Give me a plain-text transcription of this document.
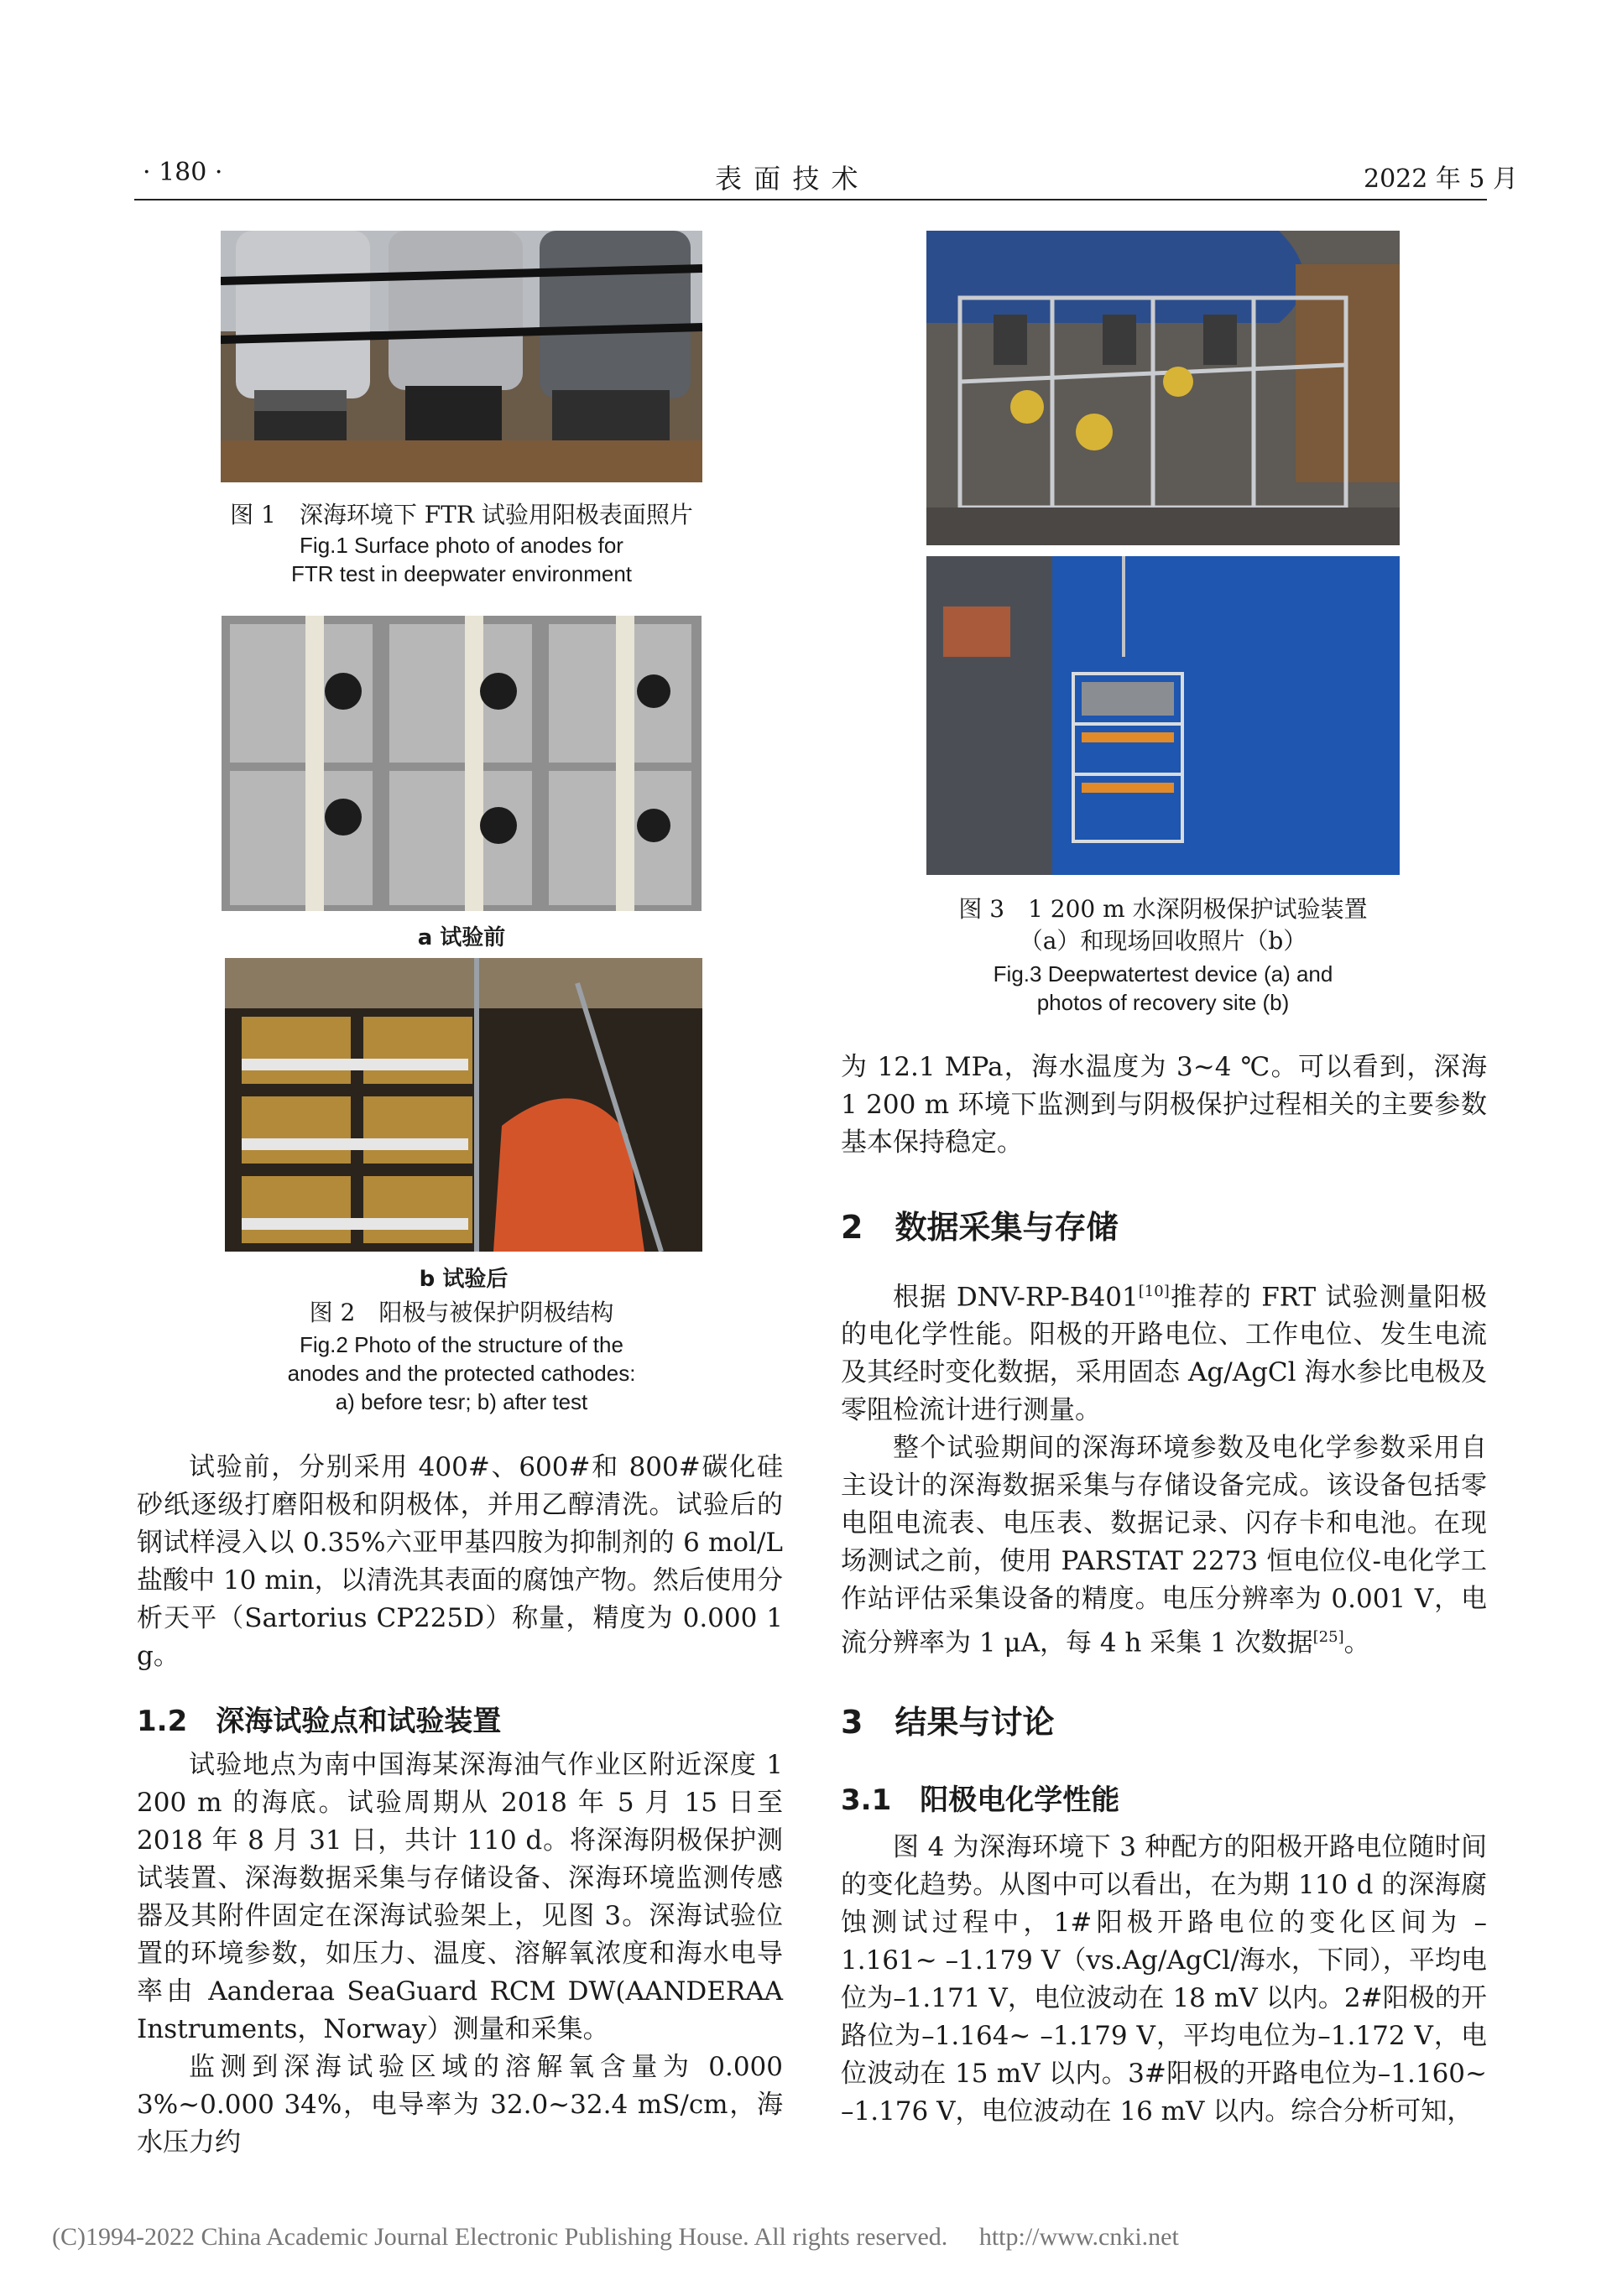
· 180 ·	表 面 技 术	2022 年 5 月
图 1　深海环境下 FTR 试验用阳极表面照片
Fig.1 Surface photo of anodes for
FTR test in deepwater environment
a 试验前
b 试验后
图 2　阳极与被保护阴极结构
Fig.2 Photo of the structure of the
anodes and the protected cathodes:
a) before tesr; b) after test

试验前，分别采用 400#、600#和 800#碳化硅砂纸逐级打磨阳极和阴极体，并用乙醇清洗。试验后的钢试样浸入以 0.35%六亚甲基四胺为抑制剂的 6 mol/L 盐酸中 10 min，以清洗其表面的腐蚀产物。然后使用分析天平（Sartorius CP225D）称量，精度为 0.000 1 g。

1.2　深海试验点和试验装置

试验地点为南中国海某深海油气作业区附近深度 1 200 m 的海底。试验周期从 2018 年 5 月 15 日至 2018 年 8 月 31 日，共计 110 d。将深海阴极保护测试装置、深海数据采集与存储设备、深海环境监测传感器及其附件固定在深海试验架上，见图 3。深海试验位置的环境参数，如压力、温度、溶解氧浓度和海水电导率由 Aanderaa SeaGuard RCM DW(AANDERAA Instruments，Norway）测量和采集。

监测到深海试验区域的溶解氧含量为 0.000 3%~0.000 34%，电导率为 32.0~32.4 mS/cm，海水压力约

图 3　1 200 m 水深阴极保护试验装置
（a）和现场回收照片（b）
Fig.3 Deepwatertest device (a) and
photos of recovery site (b)

为 12.1 MPa，海水温度为 3~4 ℃。可以看到，深海 1 200 m 环境下监测到与阴极保护过程相关的主要参数基本保持稳定。

2　数据采集与存储

根据 DNV-RP-B401[10]推荐的 FRT 试验测量阳极的电化学性能。阳极的开路电位、工作电位、发生电流及其经时变化数据，采用固态 Ag/AgCl 海水参比电极及零阻检流计进行测量。

整个试验期间的深海环境参数及电化学参数采用自主设计的深海数据采集与存储设备完成。该设备包括零电阻电流表、电压表、数据记录、闪存卡和电池。在现场测试之前，使用 PARSTAT 2273 恒电位仪-电化学工作站评估采集设备的精度。电压分辨率为 0.001 V，电流分辨率为 1 μA，每 4 h 采集 1 次数据[25]。

3　结果与讨论
3.1　阳极电化学性能

图 4 为深海环境下 3 种配方的阳极开路电位随时间的变化趋势。从图中可以看出，在为期 110 d 的深海腐蚀测试过程中，1#阳极开路电位的变化区间为 –1.161~ –1.179 V（vs.Ag/AgCl/海水，下同），平均电位为–1.171 V，电位波动在 18 mV 以内。2#阳极的开路位为–1.164~ –1.179 V，平均电位为–1.172 V，电位波动在 15 mV 以内。3#阳极的开路电位为–1.160~ –1.176 V，电位波动在 16 mV 以内。综合分析可知，

(C)1994-2022 China Academic Journal Electronic Publishing House. All rights reserved. http://www.cnki.net
